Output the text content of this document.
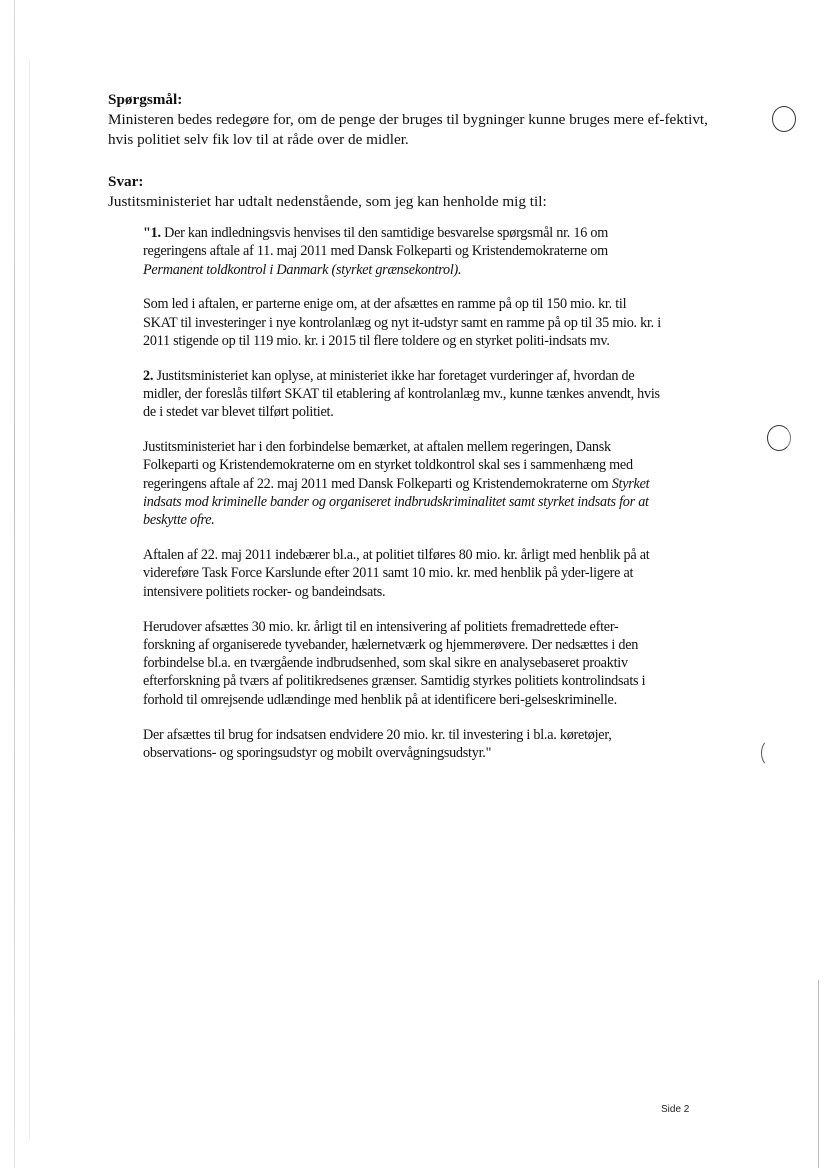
Spørgsmål:

Ministeren bedes redegøre for, om de penge der bruges til bygninger kunne bruges mere ef-fektivt, hvis politiet selv fik lov til at råde over de midler.

Svar:

Justitsministeriet har udtalt nedenstående, som jeg kan henholde mig til:

"1. Der kan indledningsvis henvises til den samtidige besvarelse spørgsmål nr. 16 om regeringens aftale af 11. maj 2011 med Dansk Folkeparti og Kristendemokraterne om Permanent toldkontrol i Danmark (styrket grænsekontrol).

Som led i aftalen, er parterne enige om, at der afsættes en ramme på op til 150 mio. kr. til SKAT til investeringer i nye kontrolanlæg og nyt it-udstyr samt en ramme på op til 35 mio. kr. i 2011 stigende op til 119 mio. kr. i 2015 til flere toldere og en styrket politi-indsats mv.

2. Justitsministeriet kan oplyse, at ministeriet ikke har foretaget vurderinger af, hvordan de midler, der foreslås tilført SKAT til etablering af kontrolanlæg mv., kunne tænkes anvendt, hvis de i stedet var blevet tilført politiet.

Justitsministeriet har i den forbindelse bemærket, at aftalen mellem regeringen, Dansk Folkeparti og Kristendemokraterne om en styrket toldkontrol skal ses i sammenhæng med regeringens aftale af 22. maj 2011 med Dansk Folkeparti og Kristendemokraterne om Styrket indsats mod kriminelle bander og organiseret indbrudskriminalitet samt styrket indsats for at beskytte ofre.

Aftalen af 22. maj 2011 indebærer bl.a., at politiet tilføres 80 mio. kr. årligt med henblik på at videreføre Task Force Karslunde efter 2011 samt 10 mio. kr. med henblik på yder-ligere at intensivere politiets rocker- og bandeindsats.

Herudover afsættes 30 mio. kr. årligt til en intensivering af politiets fremadrettede efter-forskning af organiserede tyvebander, hælernetværk og hjemmerøvere. Der nedsættes i den forbindelse bl.a. en tværgående indbrudsenhed, som skal sikre en analysebaseret proaktiv efterforskning på tværs af politikredsenes grænser. Samtidig styrkes politiets kontrolindsats i forhold til omrejsende udlændinge med henblik på at identificere beri-gelseskriminelle.

Der afsættes til brug for indsatsen endvidere 20 mio. kr. til investering i bl.a. køretøjer, observations- og sporingsudstyr og mobilt overvågningsudstyr."

Side 2
